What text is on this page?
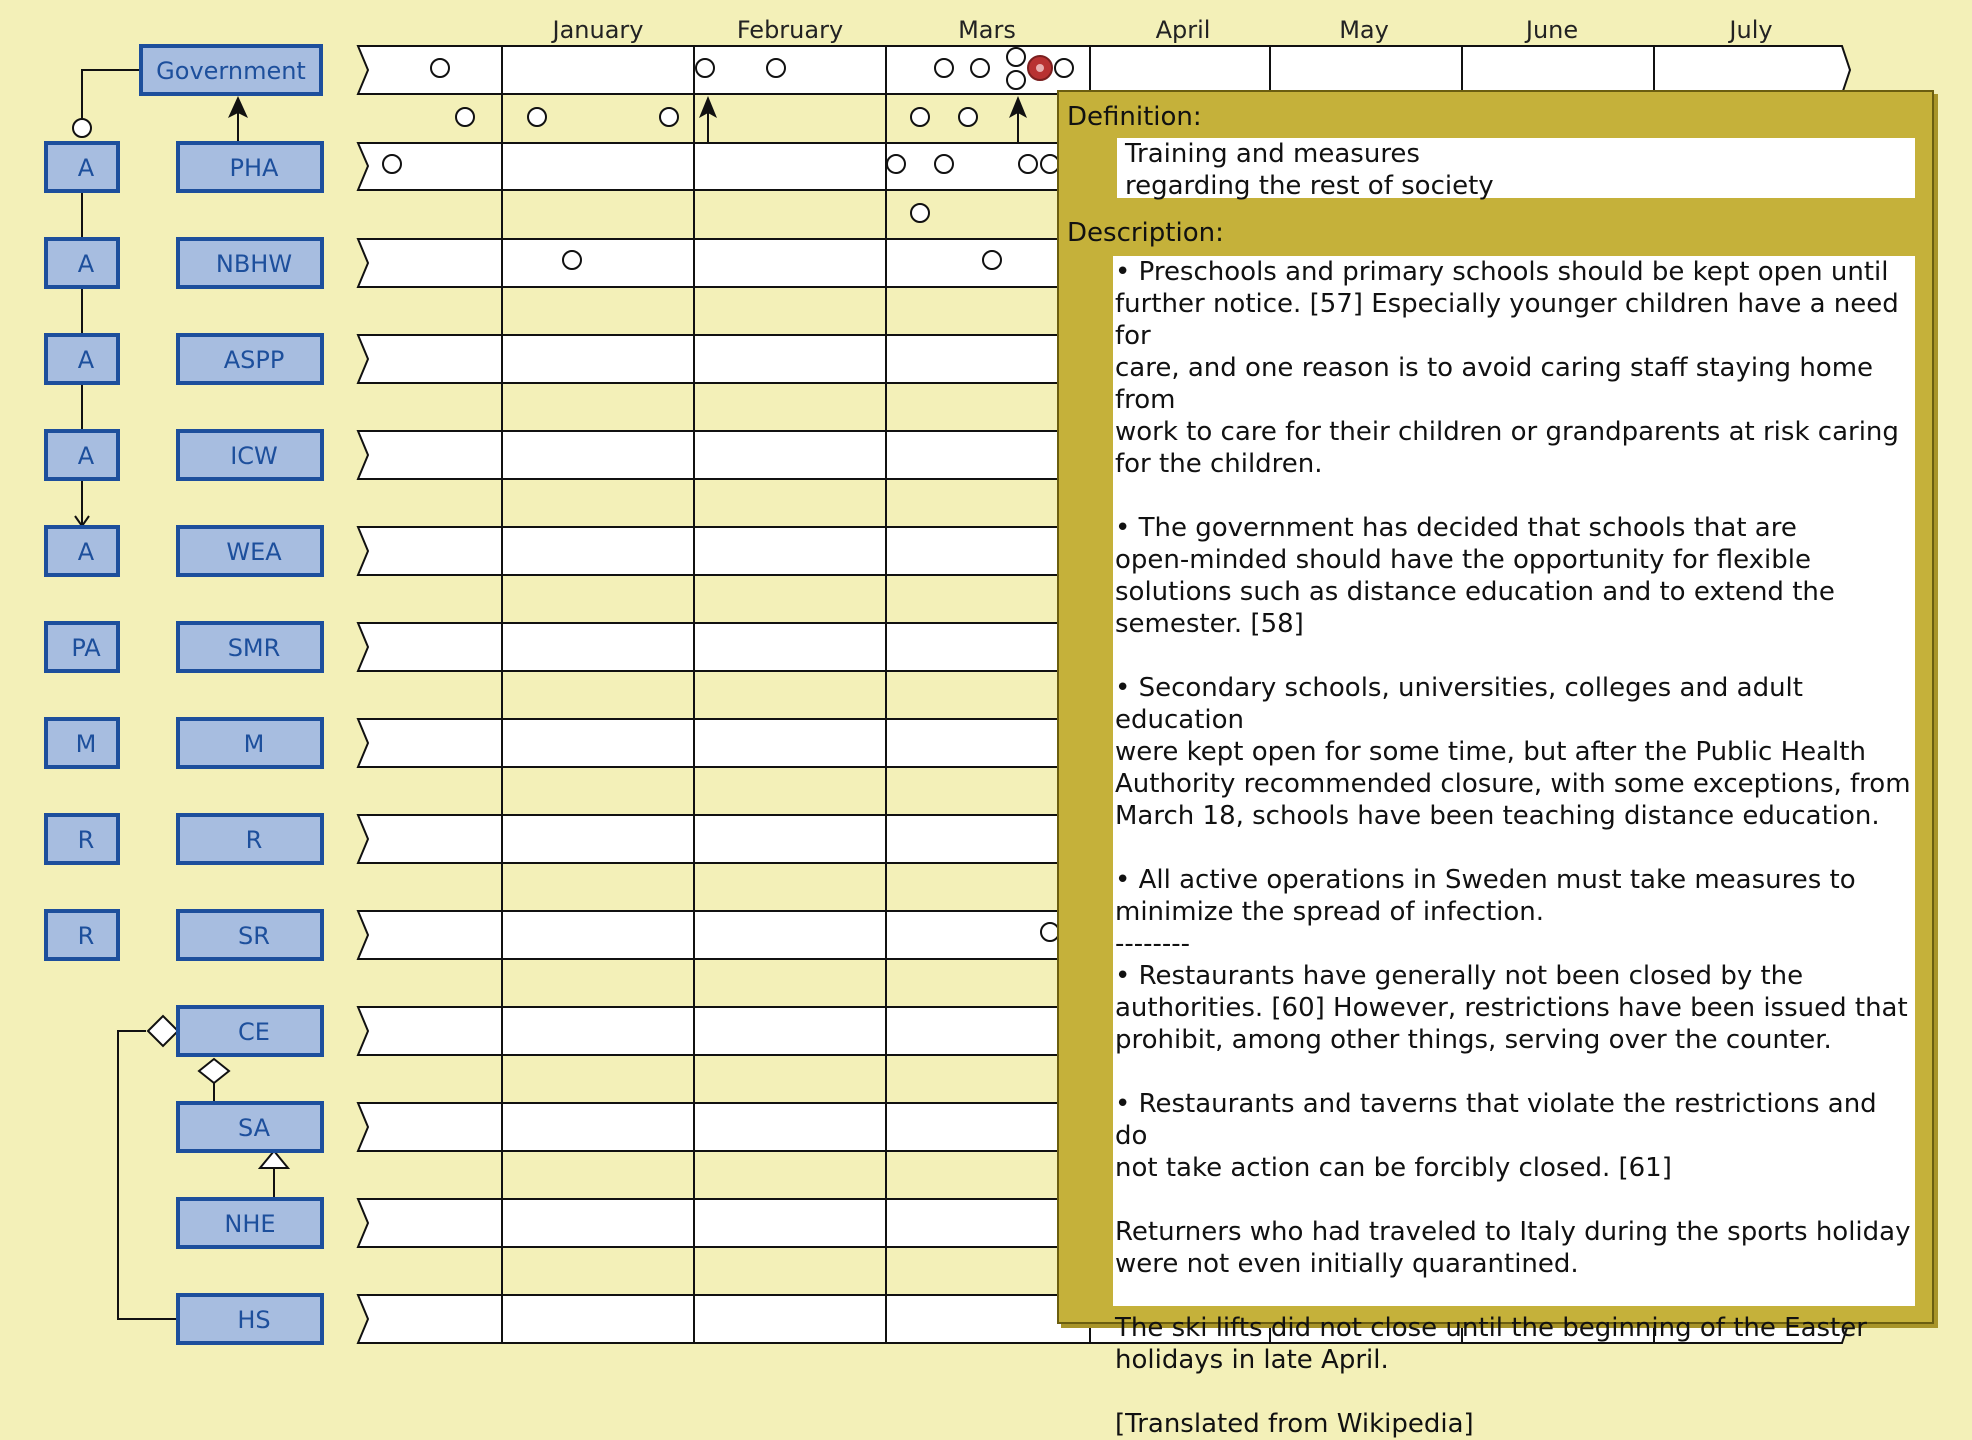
January	February	Mars	April	May	June	July
Government
A
A
A
A
A
PA
M
R
R
PHA
NBHW
ASPP
ICW
WEA
SMR
M
R
SR
CE
SA
NHE
HS
Definition:
Training and measures
regarding the rest of society
Description:
• Preschools and primary schools should be kept open until
further notice. [57] Especially younger children have a need for
care, and one reason is to avoid caring staff staying home from
work to care for their children or grandparents at risk caring
for the children.

• The government has decided that schools that are
open-minded should have the opportunity for flexible
solutions such as distance education and to extend the
semester. [58]

• Secondary schools, universities, colleges and adult education
were kept open for some time, but after the Public Health
Authority recommended closure, with some exceptions, from
March 18, schools have been teaching distance education.

• All active operations in Sweden must take measures to
minimize the spread of infection.
--------
• Restaurants have generally not been closed by the
authorities. [60] However, restrictions have been issued that
prohibit, among other things, serving over the counter.

• Restaurants and taverns that violate the restrictions and do
not take action can be forcibly closed. [61]

Returners who had traveled to Italy during the sports holiday
were not even initially quarantined.

The ski lifts did not close until the beginning of the Easter
holidays in late April.

[Translated from Wikipedia]
